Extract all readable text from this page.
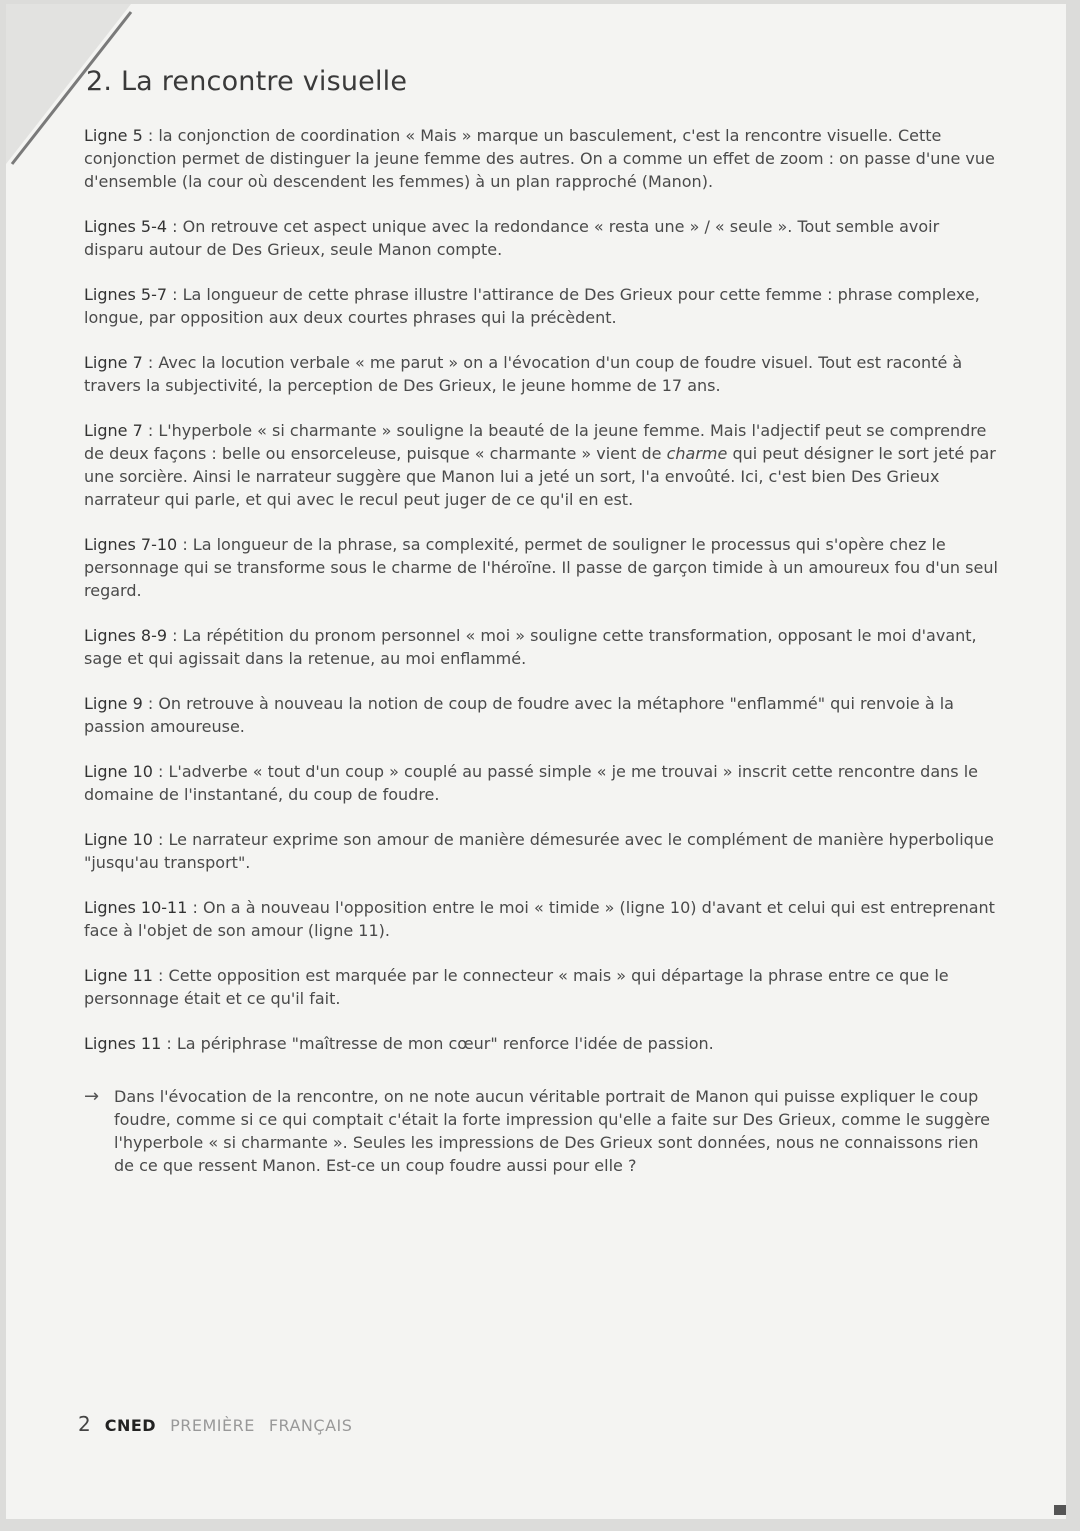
2. La rencontre visuelle

Ligne 5 : la conjonction de coordination « Mais » marque un basculement, c'est la rencontre visuelle. Cette conjonction permet de distinguer la jeune femme des autres. On a comme un effet de zoom : on passe d'une vue d'ensemble (la cour où descendent les femmes) à un plan rapproché (Manon).

Lignes 5-4 : On retrouve cet aspect unique avec la redondance « resta une » / « seule ». Tout semble avoir disparu autour de Des Grieux, seule Manon compte.

Lignes 5-7 : La longueur de cette phrase illustre l'attirance de Des Grieux pour cette femme : phrase complexe, longue, par opposition aux deux courtes phrases qui la précèdent.

Ligne 7 : Avec la locution verbale « me parut » on a l'évocation d'un coup de foudre visuel. Tout est raconté à travers la subjectivité, la perception de Des Grieux, le jeune homme de 17 ans.

Ligne 7 : L'hyperbole « si charmante » souligne la beauté de la jeune femme. Mais l'adjectif peut se comprendre de deux façons : belle ou ensorceleuse, puisque « charmante » vient de charme qui peut désigner le sort jeté par une sorcière. Ainsi le narrateur suggère que Manon lui a jeté un sort, l'a envoûté. Ici, c'est bien Des Grieux narrateur qui parle, et qui avec le recul peut juger de ce qu'il en est.

Lignes 7-10 : La longueur de la phrase, sa complexité, permet de souligner le processus qui s'opère chez le personnage qui se transforme sous le charme de l'héroïne. Il passe de garçon timide à un amoureux fou d'un seul regard.

Lignes 8-9 : La répétition du pronom personnel « moi » souligne cette transformation, opposant le moi d'avant, sage et qui agissait dans la retenue, au moi enflammé.

Ligne 9 : On retrouve à nouveau la notion de coup de foudre avec la métaphore "enflammé" qui renvoie à la passion amoureuse.

Ligne 10 : L'adverbe « tout d'un coup » couplé au passé simple « je me trouvai » inscrit cette rencontre dans le domaine de l'instantané, du coup de foudre.

Ligne 10 : Le narrateur exprime son amour de manière démesurée avec le complément de manière hyperbolique "jusqu'au transport".

Lignes 10-11 : On a à nouveau l'opposition entre le moi « timide » (ligne 10) d'avant et celui qui est entreprenant face à l'objet de son amour (ligne 11).

Ligne 11 : Cette opposition est marquée par le connecteur « mais » qui départage la phrase entre ce que le personnage était et ce qu'il fait.

Lignes 11 : La périphrase "maîtresse de mon cœur" renforce l'idée de passion.

→ Dans l'évocation de la rencontre, on ne note aucun véritable portrait de Manon qui puisse expliquer le coup foudre, comme si ce qui comptait c'était la forte impression qu'elle a faite sur Des Grieux, comme le suggère l'hyperbole « si charmante ». Seules les impressions de Des Grieux sont données, nous ne connaissons rien de ce que ressent Manon. Est-ce un coup foudre aussi pour elle ?

2 CNED PREMIÈRE FRANÇAIS
